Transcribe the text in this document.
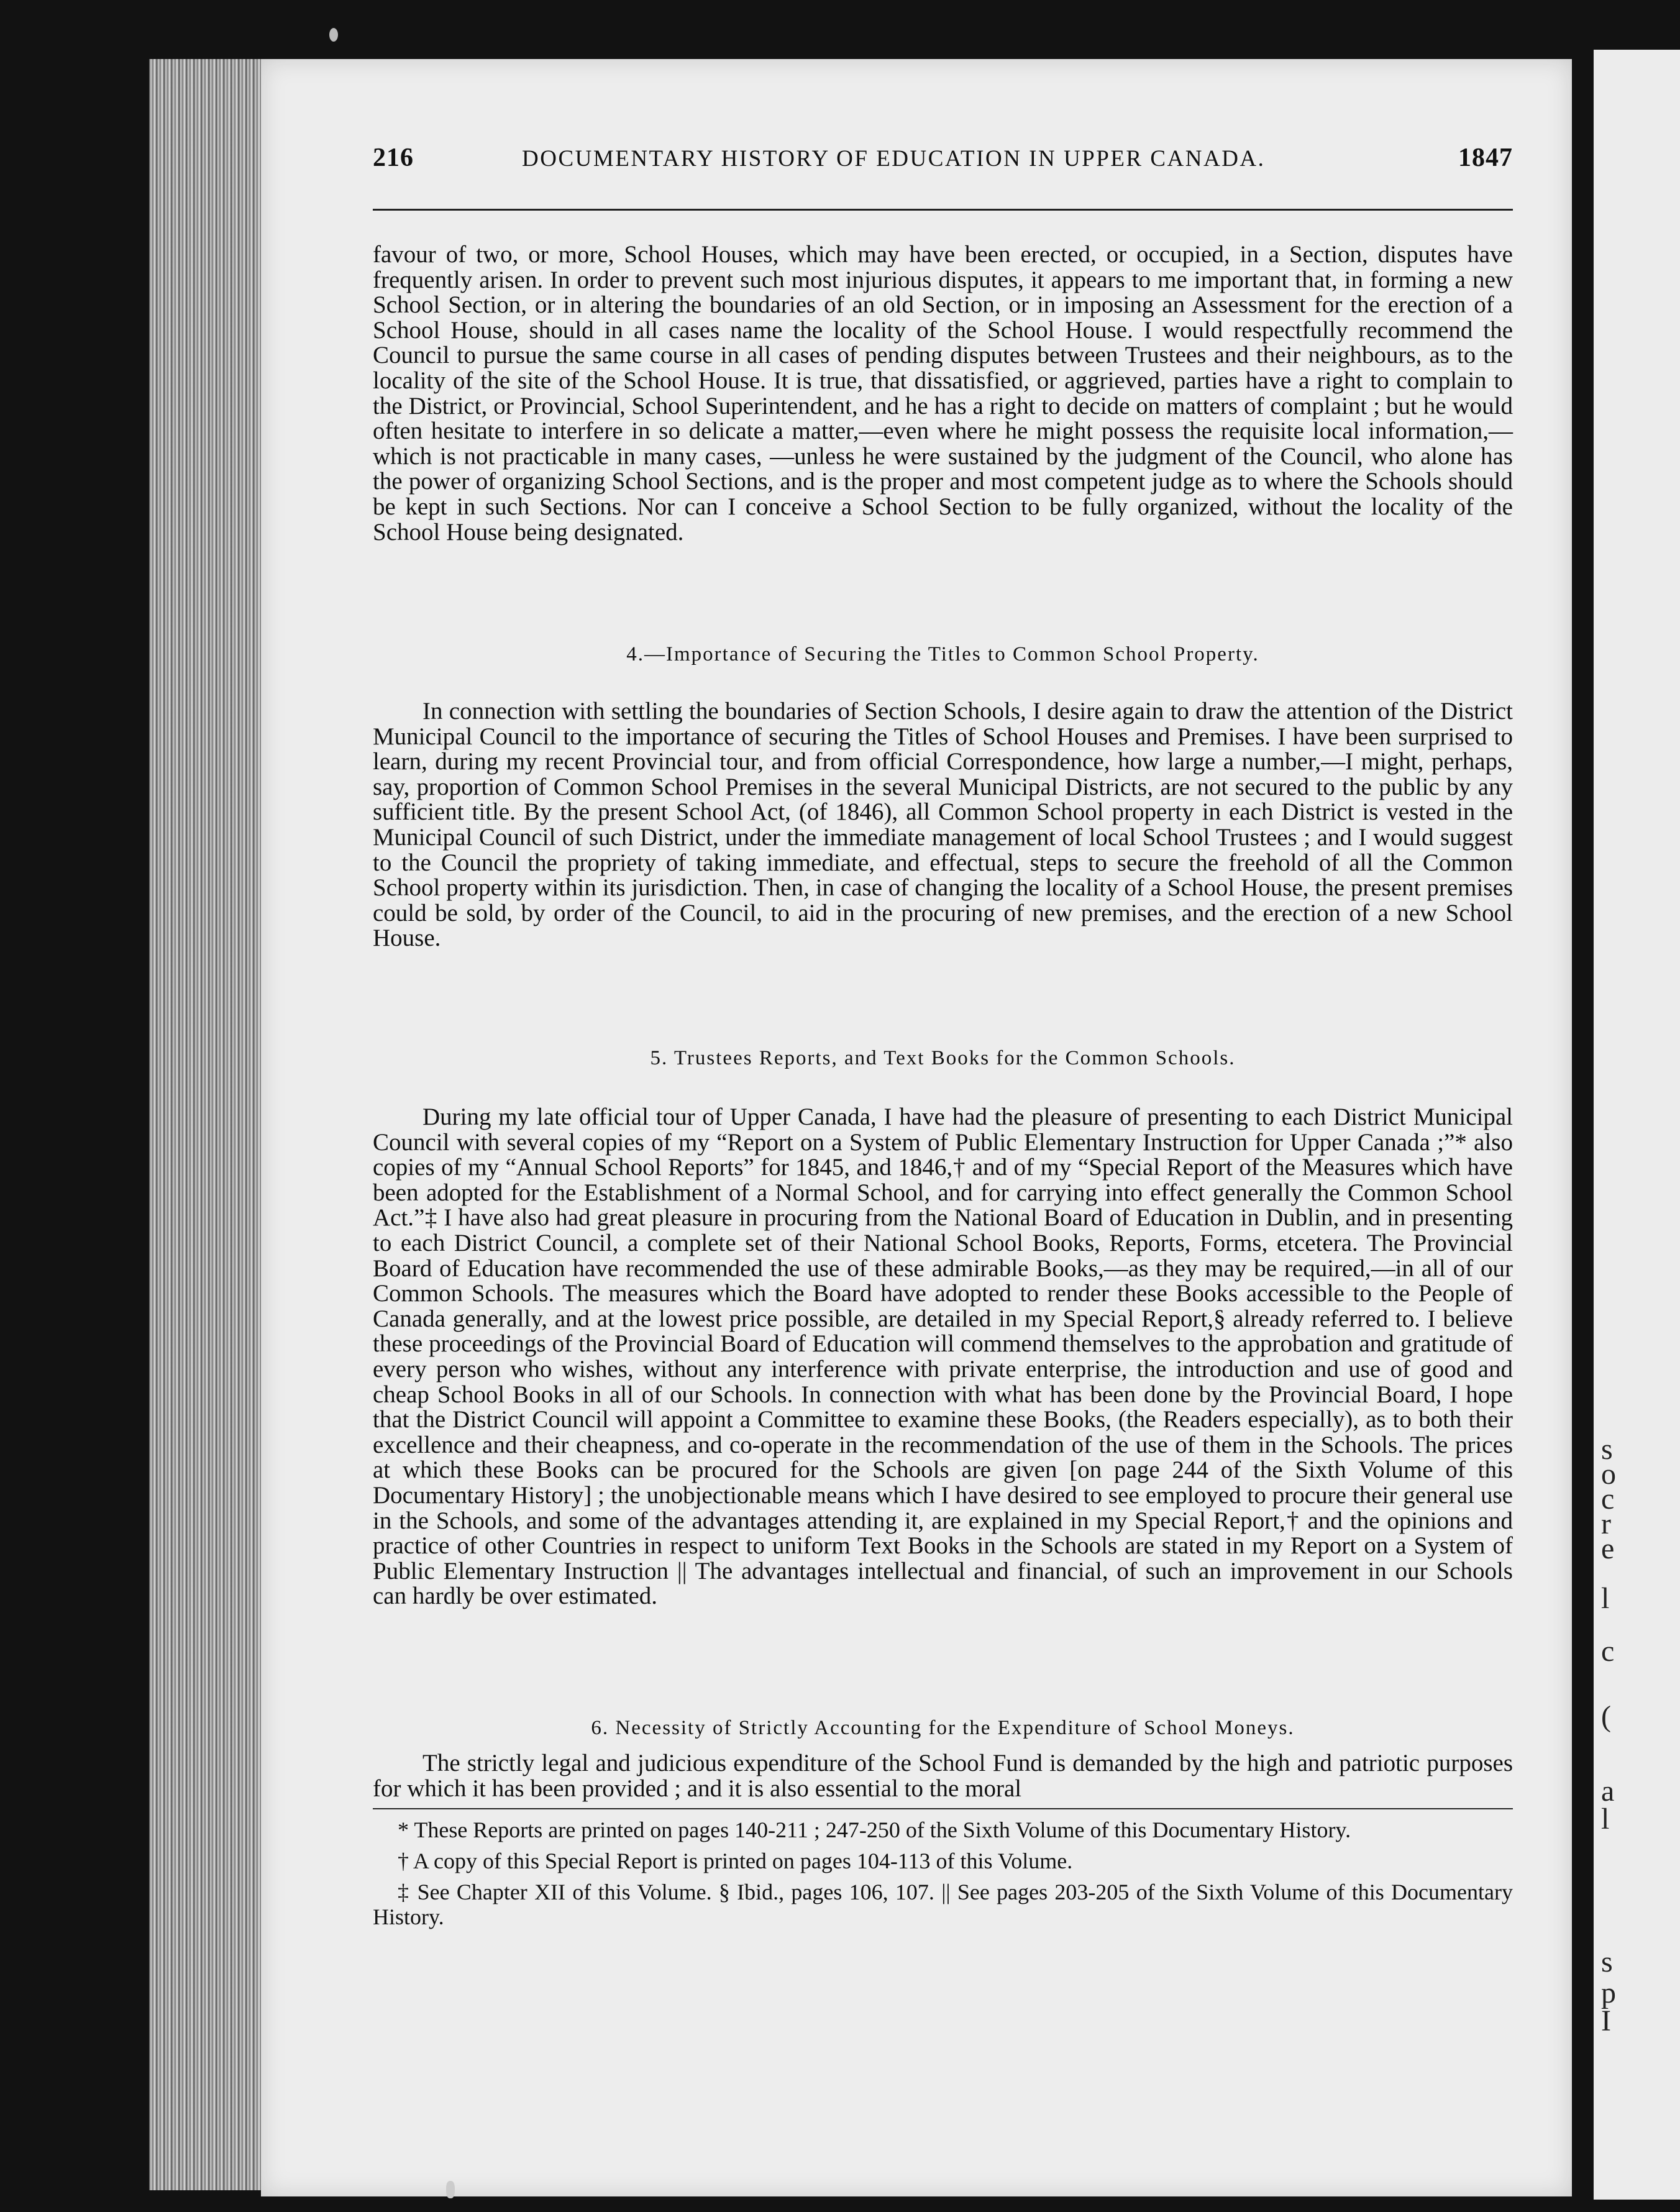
s
o
c
r
e
l
c
(
a
l
s
p
I
216	DOCUMENTARY HISTORY OF EDUCATION IN UPPER CANADA.	1847

favour of two, or more, School Houses, which may have been erected, or occupied, in a Section, disputes have frequently arisen. In order to prevent such most injurious disputes, it appears to me important that, in forming a new School Section, or in altering the boundaries of an old Section, or in imposing an Assessment for the erection of a School House, should in all cases name the locality of the School House. I would respectfully recommend the Council to pursue the same course in all cases of pending disputes between Trustees and their neighbours, as to the locality of the site of the School House. It is true, that dissatisfied, or aggrieved, parties have a right to complain to the District, or Provincial, School Superintendent, and he has a right to decide on matters of complaint ; but he would often hesitate to interfere in so delicate a matter,—even where he might possess the requisite local information,—which is not practicable in many cases, —unless he were sustained by the judgment of the Council, who alone has the power of organizing School Sections, and is the proper and most competent judge as to where the Schools should be kept in such Sections. Nor can I conceive a School Section to be fully organized, without the locality of the School House being designated.

4.—Importance of Securing the Titles to Common School Property.

In connection with settling the boundaries of Section Schools, I desire again to draw the attention of the District Municipal Council to the importance of securing the Titles of School Houses and Premises. I have been surprised to learn, during my recent Provincial tour, and from official Correspondence, how large a number,—I might, perhaps, say, proportion of Common School Premises in the several Municipal Districts, are not secured to the public by any sufficient title. By the present School Act, (of 1846), all Common School property in each District is vested in the Municipal Council of such District, under the immediate management of local School Trustees ; and I would suggest to the Council the propriety of taking immediate, and effectual, steps to secure the freehold of all the Common School property within its jurisdiction. Then, in case of changing the locality of a School House, the present premises could be sold, by order of the Council, to aid in the procuring of new premises, and the erection of a new School House.

5. Trustees Reports, and Text Books for the Common Schools.

During my late official tour of Upper Canada, I have had the pleasure of presenting to each District Municipal Council with several copies of my “Report on a System of Public Elementary Instruction for Upper Canada ;”* also copies of my “Annual School Reports” for 1845, and 1846,† and of my “Special Report of the Measures which have been adopted for the Establishment of a Normal School, and for carrying into effect generally the Common School Act.”‡ I have also had great pleasure in procuring from the National Board of Education in Dublin, and in presenting to each District Council, a complete set of their National School Books, Reports, Forms, etcetera. The Provincial Board of Education have recommended the use of these admirable Books,—as they may be required,—in all of our Common Schools. The measures which the Board have adopted to render these Books accessible to the People of Canada generally, and at the lowest price possible, are detailed in my Special Report,§ already referred to. I believe these proceedings of the Provincial Board of Education will commend themselves to the approbation and gratitude of every person who wishes, without any interference with private enterprise, the introduction and use of good and cheap School Books in all of our Schools. In connection with what has been done by the Provincial Board, I hope that the District Council will appoint a Committee to examine these Books, (the Readers especially), as to both their excellence and their cheapness, and co-operate in the recommendation of the use of them in the Schools. The prices at which these Books can be procured for the Schools are given [on page 244 of the Sixth Volume of this Documentary History] ; the unobjectionable means which I have desired to see employed to procure their general use in the Schools, and some of the advantages attending it, are explained in my Special Report,† and the opinions and practice of other Countries in respect to uniform Text Books in the Schools are stated in my Report on a System of Public Elementary Instruction || The advantages intellectual and financial, of such an improvement in our Schools can hardly be over estimated.

6. Necessity of Strictly Accounting for the Expenditure of School Moneys.

The strictly legal and judicious expenditure of the School Fund is demanded by the high and patriotic purposes for which it has been provided ; and it is also essential to the moral

* These Reports are printed on pages 140-211 ; 247-250 of the Sixth Volume of this Documentary History.

† A copy of this Special Report is printed on pages 104-113 of this Volume.

‡ See Chapter XII of this Volume. § Ibid., pages 106, 107. || See pages 203-205 of the Sixth Volume of this Documentary History.
